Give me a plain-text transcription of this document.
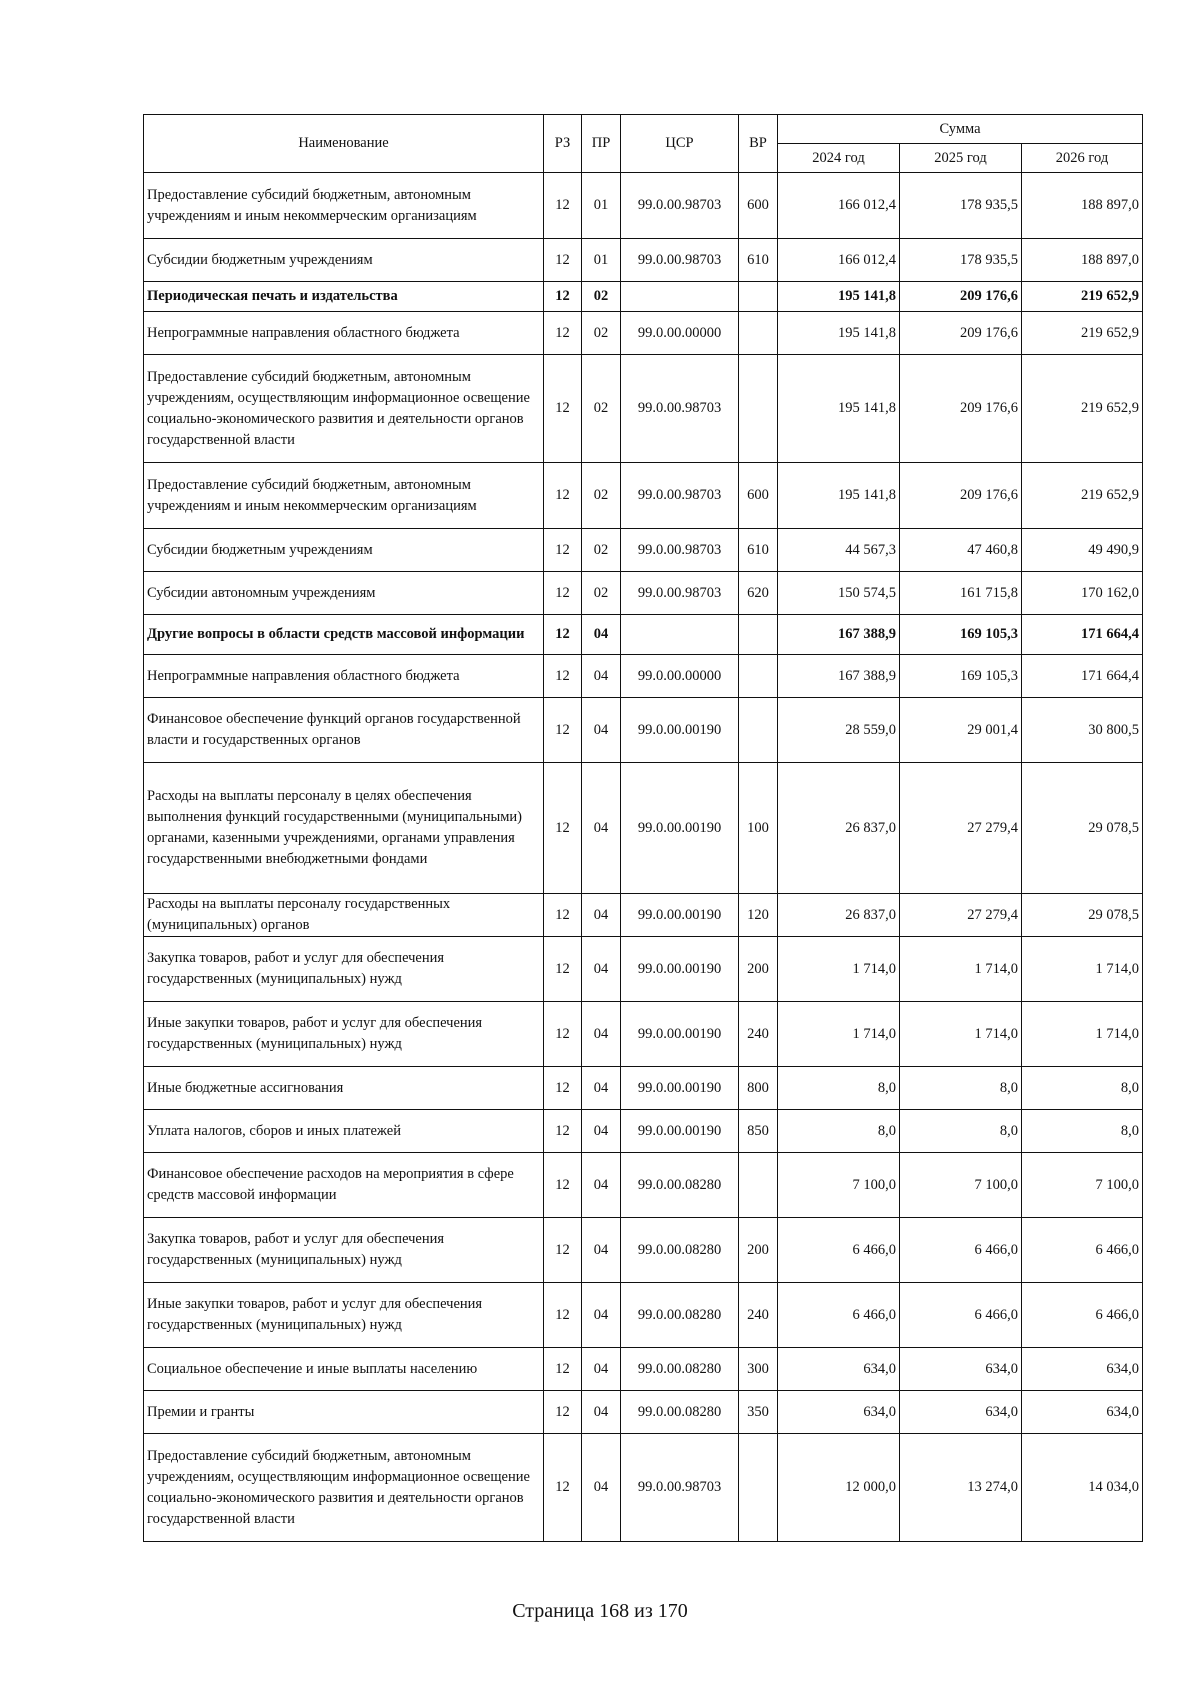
Наименование	РЗ	ПР	ЦСР	ВР	Сумма		
					2024 год	2025 год	2026 год
Предоставление субсидий бюджетным, автономным учреждениям и иным некоммерческим организациям	12	01	99.0.00.98703	600	166 012,4	178 935,5	188 897,0
Субсидии бюджетным учреждениям	12	01	99.0.00.98703	610	166 012,4	178 935,5	188 897,0
Периодическая печать и издательства	12	02			195 141,8	209 176,6	219 652,9
Непрограммные направления областного бюджета	12	02	99.0.00.00000		195 141,8	209 176,6	219 652,9
Предоставление субсидий бюджетным, автономным учреждениям, осуществляющим информационное освещение социально-экономического развития и деятельности органов государственной власти	12	02	99.0.00.98703		195 141,8	209 176,6	219 652,9
Предоставление субсидий бюджетным, автономным учреждениям и иным некоммерческим организациям	12	02	99.0.00.98703	600	195 141,8	209 176,6	219 652,9
Субсидии бюджетным учреждениям	12	02	99.0.00.98703	610	44 567,3	47 460,8	49 490,9
Субсидии автономным учреждениям	12	02	99.0.00.98703	620	150 574,5	161 715,8	170 162,0
Другие вопросы в области средств массовой информации	12	04			167 388,9	169 105,3	171 664,4
Непрограммные направления областного бюджета	12	04	99.0.00.00000		167 388,9	169 105,3	171 664,4
Финансовое обеспечение функций органов государственной власти и государственных органов	12	04	99.0.00.00190		28 559,0	29 001,4	30 800,5
Расходы на выплаты персоналу в целях обеспечения выполнения функций государственными (муниципальными) органами, казенными учреждениями, органами управления государственными внебюджетными фондами	12	04	99.0.00.00190	100	26 837,0	27 279,4	29 078,5
Расходы на выплаты персоналу государственных (муниципальных) органов	12	04	99.0.00.00190	120	26 837,0	27 279,4	29 078,5
Закупка товаров, работ и услуг для обеспечения государственных (муниципальных) нужд	12	04	99.0.00.00190	200	1 714,0	1 714,0	1 714,0
Иные закупки товаров, работ и услуг для обеспечения государственных (муниципальных) нужд	12	04	99.0.00.00190	240	1 714,0	1 714,0	1 714,0
Иные бюджетные ассигнования	12	04	99.0.00.00190	800	8,0	8,0	8,0
Уплата налогов, сборов и иных платежей	12	04	99.0.00.00190	850	8,0	8,0	8,0
Финансовое обеспечение расходов на мероприятия в сфере средств массовой информации	12	04	99.0.00.08280		7 100,0	7 100,0	7 100,0
Закупка товаров, работ и услуг для обеспечения государственных (муниципальных) нужд	12	04	99.0.00.08280	200	6 466,0	6 466,0	6 466,0
Иные закупки товаров, работ и услуг для обеспечения государственных (муниципальных) нужд	12	04	99.0.00.08280	240	6 466,0	6 466,0	6 466,0
Социальное обеспечение и иные выплаты населению	12	04	99.0.00.08280	300	634,0	634,0	634,0
Премии и гранты	12	04	99.0.00.08280	350	634,0	634,0	634,0
Предоставление субсидий бюджетным, автономным учреждениям, осуществляющим информационное освещение социально-экономического развития и деятельности органов государственной власти	12	04	99.0.00.98703		12 000,0	13 274,0	14 034,0
Страница 168 из 170
